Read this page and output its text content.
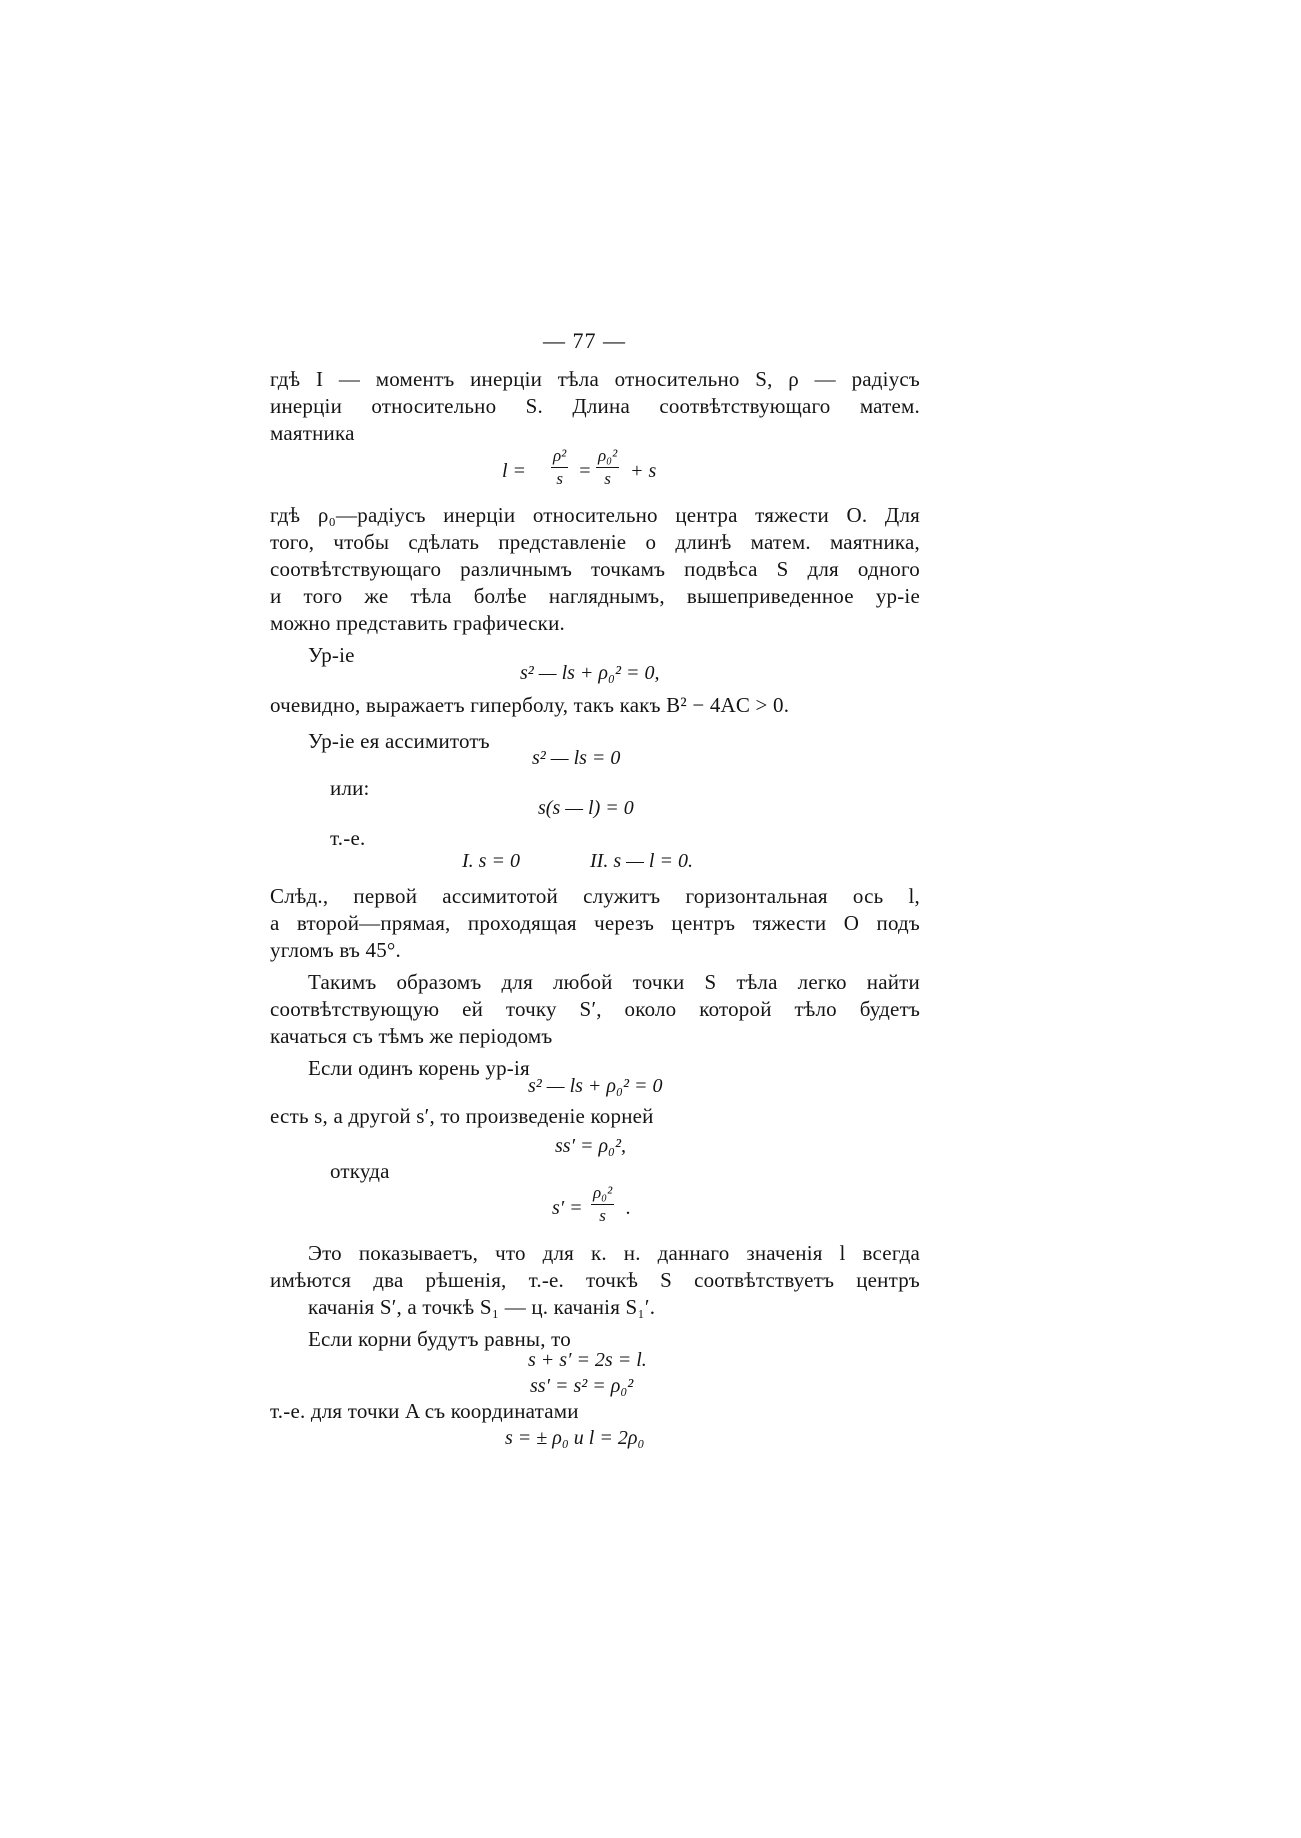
— 77 —
гдѣ I — моментъ инерцiи тѣла относительно S, ρ — радiусъ
инерцiи относительно S. Длина соотвѣтствующаго матем.
маятника
$l = \frac{\text{ρ²}}{s} = \frac{\text{ρ₀²}}{s} + s$
гдѣ ρ₀—радiусъ инерцiи относительно центра тяжести O. Для
того, чтобы сдѣлать представленiе о длинѣ матем. маятника,
соотвѣтствующаго различнымъ точкамъ подвѣса S для одного
и того же тѣла болѣе нагляднымъ, вышеприведенное ур-iе
можно представить графически.
Ур-iе
s² — ls + ρ₀² = 0,
очевидно, выражаетъ гиперболу, такъ какъ B² − 4AC > 0.
Ур-iе ея ассимитотъ
s² — ls = 0
или:
s(s — l) = 0
т.-е.
I. s = 0	II. s — l = 0.
Слѣд., первой ассимитотой служитъ горизонтальная ось l,
а второй—прямая, проходящая черезъ центръ тяжести O подъ
угломъ въ 45°.
Такимъ образомъ для любой точки S тѣла легко найти
соотвѣтствующую ей точку S′, около которой тѣло будетъ
качаться съ тѣмъ же перiодомъ
Если одинъ корень ур-iя
s² — ls + ρ₀² = 0
есть s, а другой s′, то произведенiе корней
ss′ = ρ₀²,
откуда
$s' = \frac{\text{ρ₀²}}{s}$ .
Это показываетъ, что для к. н. даннаго значенiя l всегда
имѣются два рѣшенiя, т.-е. точкѣ S соотвѣтствуетъ центръ
качанiя S′, а точкѣ S₁ — ц. качанiя S₁′.
Если корни будутъ равны, то
s + s′ = 2s = l.
ss′ = s² = ρ₀²
т.-е. для точки A съ координатами
s = ± ρ₀ и l = 2ρ₀
